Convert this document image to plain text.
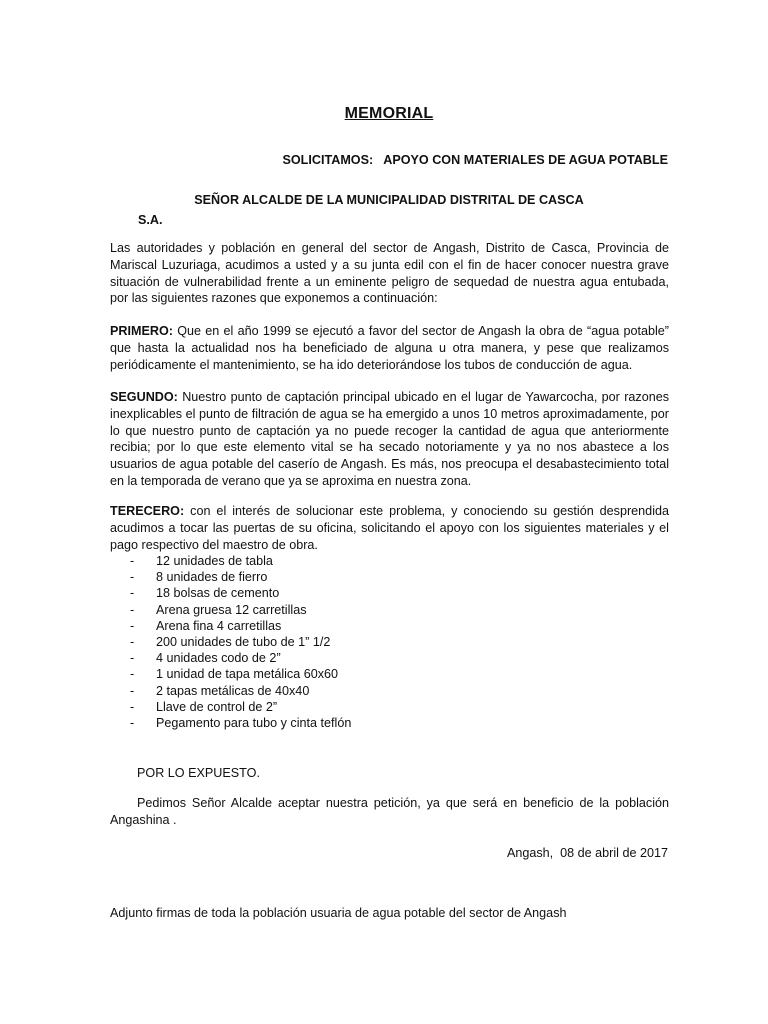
MEMORIAL
SOLICITAMOS:   APOYO CON MATERIALES DE AGUA POTABLE
SEÑOR ALCALDE DE LA MUNICIPALIDAD DISTRITAL DE CASCA
S.A.

Las autoridades y población en general del sector de Angash, Distrito de Casca, Provincia de Mariscal Luzuriaga, acudimos a usted y a su junta edil con el fin de hacer conocer nuestra grave situación de vulnerabilidad frente a un eminente peligro de sequedad de nuestra agua entubada, por las siguientes razones que exponemos a continuación:

PRIMERO: Que en el año 1999 se ejecutó a favor del sector de Angash la obra de “agua potable” que hasta la actualidad nos ha beneficiado de alguna u otra manera, y pese que realizamos periódicamente el mantenimiento, se ha ido deteriorándose los tubos de conducción de agua.

SEGUNDO: Nuestro punto de captación principal ubicado en el lugar de Yawarcocha, por razones inexplicables el punto de filtración de agua se ha emergido a unos 10 metros aproximadamente, por lo que nuestro punto de captación ya no puede recoger la cantidad de agua que anteriormente recibia; por lo que este elemento vital se ha secado notoriamente y ya no nos abastece a los usuarios de agua potable del caserío de Angash. Es más, nos preocupa el desabastecimiento total en la temporada de verano que ya se aproxima en nuestra zona.

TERECERO: con el interés de solucionar este problema, y conociendo su gestión desprendida acudimos a tocar las puertas de su oficina, solicitando el apoyo con los siguientes materiales y el pago respectivo del maestro de obra.

- 12 unidades de tabla
- 8 unidades de fierro
- 18 bolsas de cemento
- Arena gruesa 12 carretillas
- Arena fina 4 carretillas
- 200 unidades de tubo de 1” 1/2
- 4 unidades codo de 2”
- 1 unidad de tapa metálica 60x60
- 2 tapas metálicas de 40x40
- Llave de control de 2”
- Pegamento para tubo y cinta teflón
POR LO EXPUESTO.

Pedimos Señor Alcalde aceptar nuestra petición, ya que será en beneficio de la población Angashina .

Angash,  08 de abril de 2017
Adjunto firmas de toda la población usuaria de agua potable del sector de Angash
